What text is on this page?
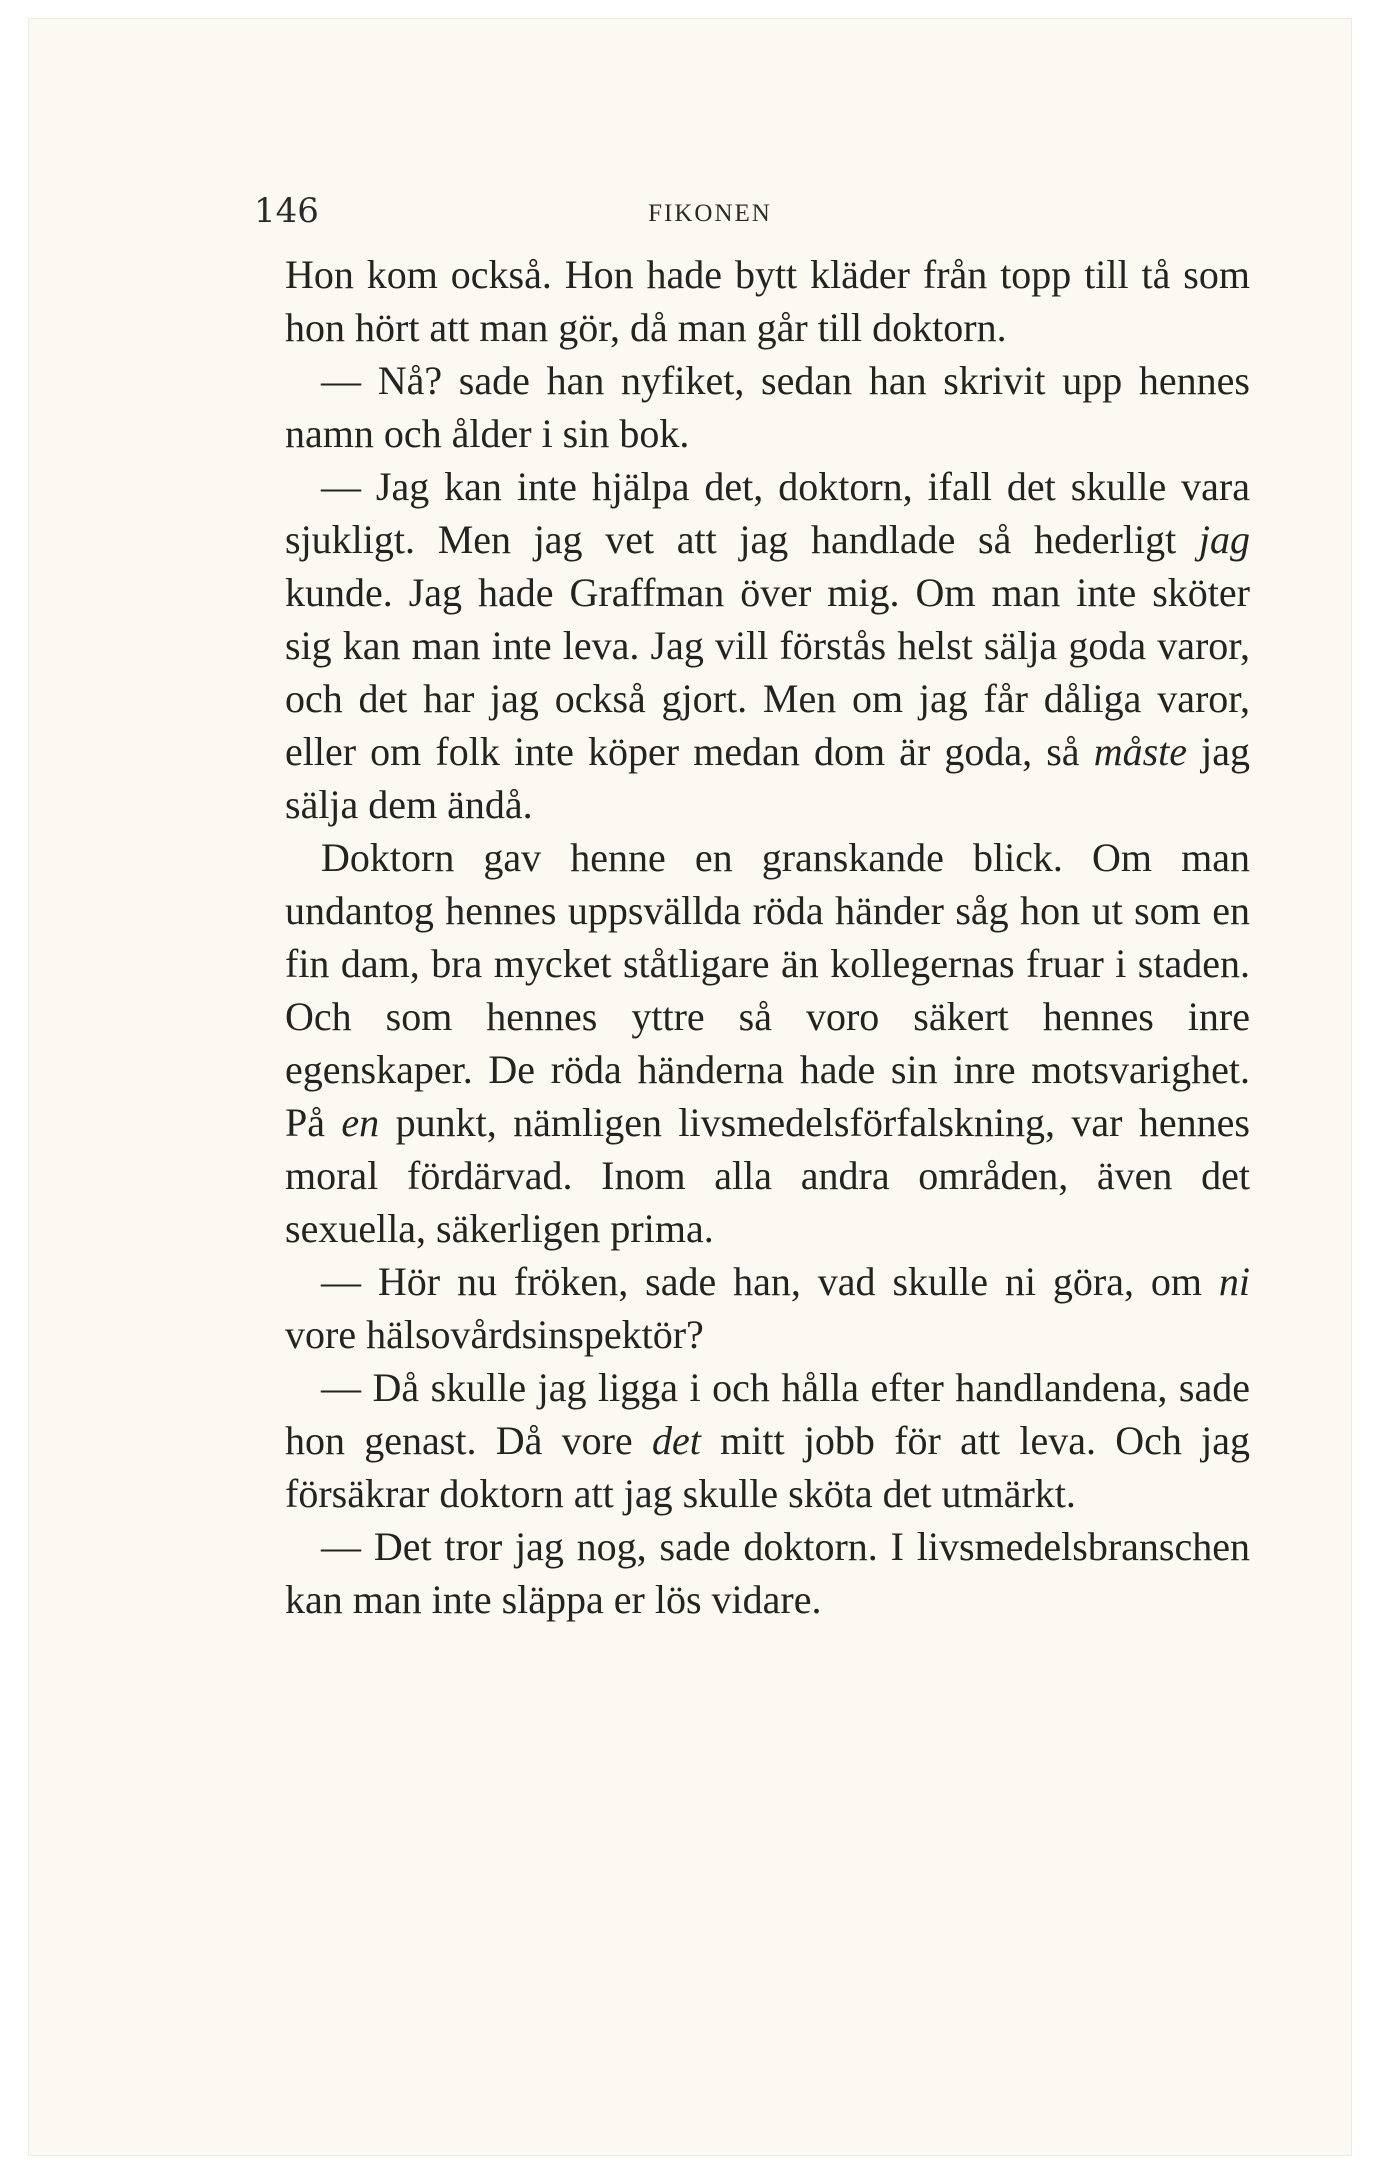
146	FIKONEN

Hon kom också. Hon hade bytt kläder från topp till tå som hon hört att man gör, då man går till doktorn.

— Nå? sade han nyfiket, sedan han skrivit upp hennes namn och ålder i sin bok.

— Jag kan inte hjälpa det, doktorn, ifall det skulle vara sjukligt. Men jag vet att jag handlade så hederligt jag kunde. Jag hade Graffman över mig. Om man inte sköter sig kan man inte leva. Jag vill förstås helst sälja goda varor, och det har jag också gjort. Men om jag får dåliga varor, eller om folk inte köper medan dom är goda, så måste jag sälja dem ändå.

Doktorn gav henne en granskande blick. Om man undantog hennes uppsvällda röda händer såg hon ut som en fin dam, bra mycket ståtligare än kollegernas fruar i staden. Och som hennes yttre så voro säkert hennes inre egenskaper. De röda händerna hade sin inre motsvarighet. På en punkt, nämligen livsmedelsförfalskning, var hennes moral fördärvad. Inom alla andra områden, även det sexuella, säkerligen prima.

— Hör nu fröken, sade han, vad skulle ni göra, om ni vore hälsovårdsinspektör?

— Då skulle jag ligga i och hålla efter handlandena, sade hon genast. Då vore det mitt jobb för att leva. Och jag försäkrar doktorn att jag skulle sköta det utmärkt.

— Det tror jag nog, sade doktorn. I livsmedelsbranschen kan man inte släppa er lös vidare.
